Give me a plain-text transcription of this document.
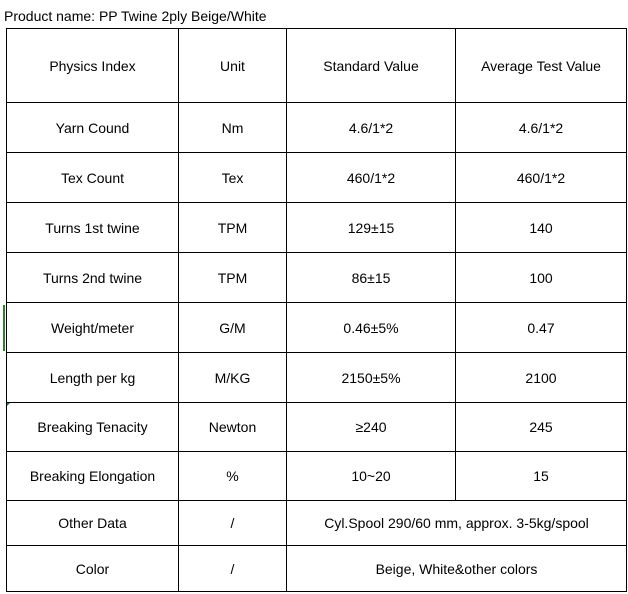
Product name: PP Twine 2ply Beige/White
Physics Index	Unit	Standard Value	Average Test Value
Yarn Cound	Nm	4.6/1*2	4.6/1*2
Tex Count	Tex	460/1*2	460/1*2
Turns 1st twine	TPM	129±15	140
Turns 2nd twine	TPM	86±15	100
Weight/meter	G/M	0.46±5%	0.47
Length per kg	M/KG	2150±5%	2100
Breaking Tenacity	Newton	≥240	245
Breaking Elongation	%	10~20	15
Other Data	/	Cyl.Spool 290/60 mm, approx. 3-5kg/spool	
Color	/	Beige, White&other colors	
